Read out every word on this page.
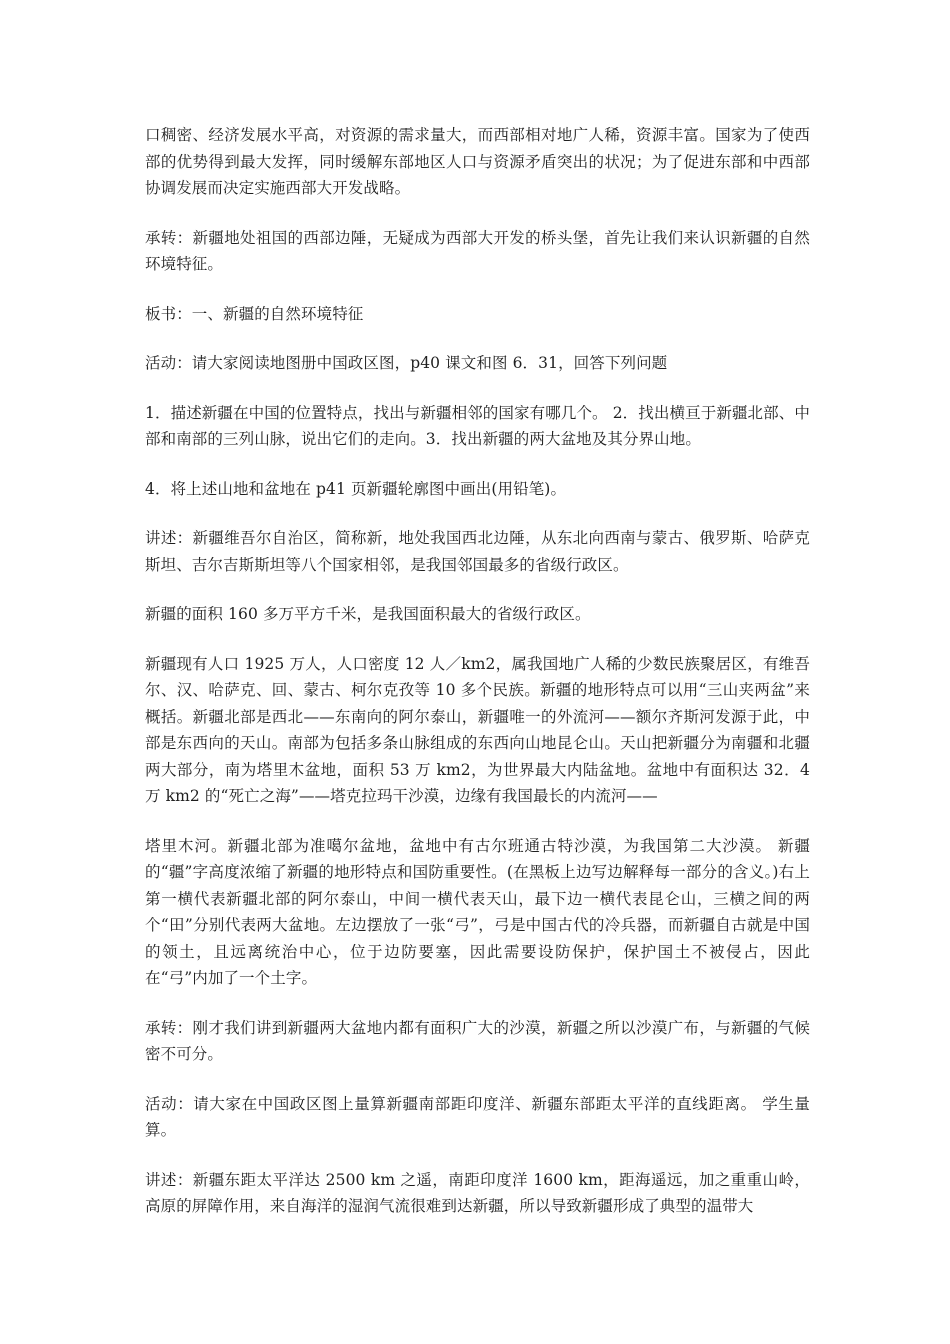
口稠密、经济发展水平高，对资源的需求量大，而西部相对地广人稀，资源丰富。国家为了使西部的优势得到最大发挥，同时缓解东部地区人口与资源矛盾突出的状况；为了促进东部和中西部协调发展而决定实施西部大开发战略。

承转：新疆地处祖国的西部边陲，无疑成为西部大开发的桥头堡，首先让我们来认识新疆的自然环境特征。

板书：一、新疆的自然环境特征

活动：请大家阅读地图册中国政区图，p40 课文和图 6．31，回答下列问题

1．描述新疆在中国的位置特点，找出与新疆相邻的国家有哪几个。 2．找出横亘于新疆北部、中部和南部的三列山脉，说出它们的走向。3．找出新疆的两大盆地及其分界山地。

4．将上述山地和盆地在 p41 页新疆轮廓图中画出(用铅笔)。

讲述：新疆维吾尔自治区，简称新，地处我国西北边陲，从东北向西南与蒙古、俄罗斯、哈萨克斯坦、吉尔吉斯斯坦等八个国家相邻，是我国邻国最多的省级行政区。

新疆的面积 160 多万平方千米，是我国面积最大的省级行政区。

新疆现有人口 1925 万人，人口密度 12 人／km2，属我国地广人稀的少数民族聚居区，有维吾尔、汉、哈萨克、回、蒙古、柯尔克孜等 10 多个民族。新疆的地形特点可以用“三山夹两盆”来概括。新疆北部是西北——东南向的阿尔泰山，新疆唯一的外流河——额尔齐斯河发源于此，中部是东西向的天山。南部为包括多条山脉组成的东西向山地昆仑山。天山把新疆分为南疆和北疆两大部分，南为塔里木盆地，面积 53 万 km2，为世界最大内陆盆地。盆地中有面积达 32．4 万 km2 的“死亡之海”——塔克拉玛干沙漠，边缘有我国最长的内流河——

塔里木河。新疆北部为准噶尔盆地，盆地中有古尔班通古特沙漠，为我国第二大沙漠。 新疆的“疆”字高度浓缩了新疆的地形特点和国防重要性。(在黑板上边写边解释每一部分的含义。)右上第一横代表新疆北部的阿尔泰山，中间一横代表天山，最下边一横代表昆仑山，三横之间的两个“田”分别代表两大盆地。左边摆放了一张“弓”，弓是中国古代的冷兵器，而新疆自古就是中国的领土，且远离统治中心，位于边防要塞，因此需要设防保护，保护国土不被侵占，因此在“弓”内加了一个土字。

承转：刚才我们讲到新疆两大盆地内都有面积广大的沙漠，新疆之所以沙漠广布，与新疆的气候密不可分。

活动：请大家在中国政区图上量算新疆南部距印度洋、新疆东部距太平洋的直线距离。 学生量算。

讲述：新疆东距太平洋达 2500 km 之遥，南距印度洋 1600 km，距海遥远，加之重重山岭，高原的屏障作用，来自海洋的湿润气流很难到达新疆，所以导致新疆形成了典型的温带大
